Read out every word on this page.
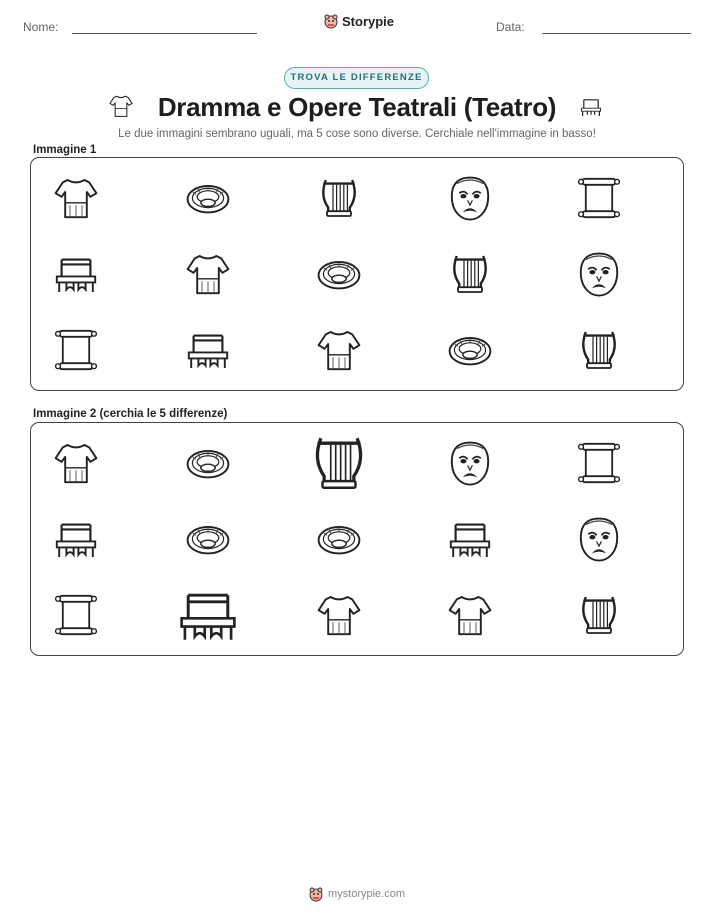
Nome:	Storypie	Data:
TROVA LE DIFFERENZE
Dramma e Opere Teatrali (Teatro)
Le due immagini sembrano uguali, ma 5 cose sono diverse. Cerchiale nell'immagine in basso!
Immagine 1
Immagine 2 (cerchia le 5 differenze)
mystorypie.com
